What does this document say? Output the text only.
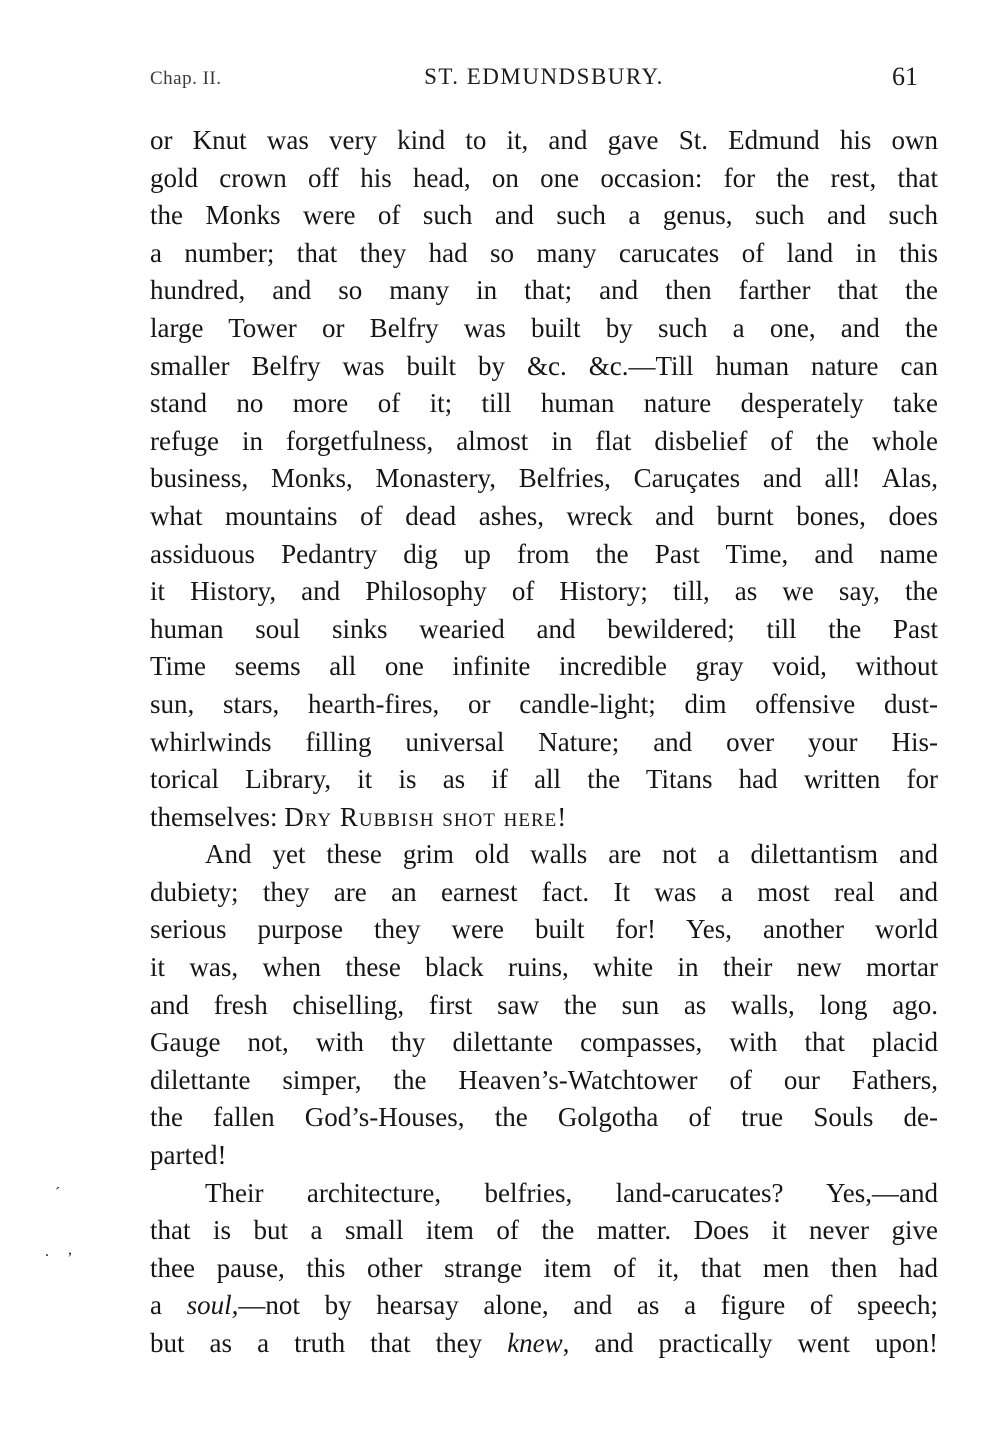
Chap. II.	ST. EDMUNDSBURY.	61
or Knut was very kind to it, and gave St. Edmund his own
gold crown off his head, on one occasion: for the rest, that
the Monks were of such and such a genus, such and such
a number; that they had so many carucates of land in this
hundred, and so many in that; and then farther that the
large Tower or Belfry was built by such a one, and the
smaller Belfry was built by &c. &c.—Till human nature can
stand no more of it; till human nature desperately take
refuge in forgetfulness, almost in flat disbelief of the whole
business, Monks, Monastery, Belfries, Caruçates and all! Alas,
what mountains of dead ashes, wreck and burnt bones, does
assiduous Pedantry dig up from the Past Time, and name
it History, and Philosophy of History; till, as we say, the
human soul sinks wearied and bewildered; till the Past
Time seems all one infinite incredible gray void, without
sun, stars, hearth-fires, or candle-light; dim offensive dust-
whirlwinds filling universal Nature; and over your His-
torical Library, it is as if all the Titans had written for
themselves: Dry Rubbish shot here!
And yet these grim old walls are not a dilettantism and
dubiety; they are an earnest fact. It was a most real and
serious purpose they were built for! Yes, another world
it was, when these black ruins, white in their new mortar
and fresh chiselling, first saw the sun as walls, long ago.
Gauge not, with thy dilettante compasses, with that placid
dilettante simper, the Heaven’s-Watchtower of our Fathers,
the fallen God’s-Houses, the Golgotha of true Souls de-
parted!
Their architecture, belfries, land-carucates? Yes,—and
that is but a small item of the matter. Does it never give
thee pause, this other strange item of it, that men then had
a soul,—not by hearsay alone, and as a figure of speech;
but as a truth that they knew, and practically went upon!
´
. ,
